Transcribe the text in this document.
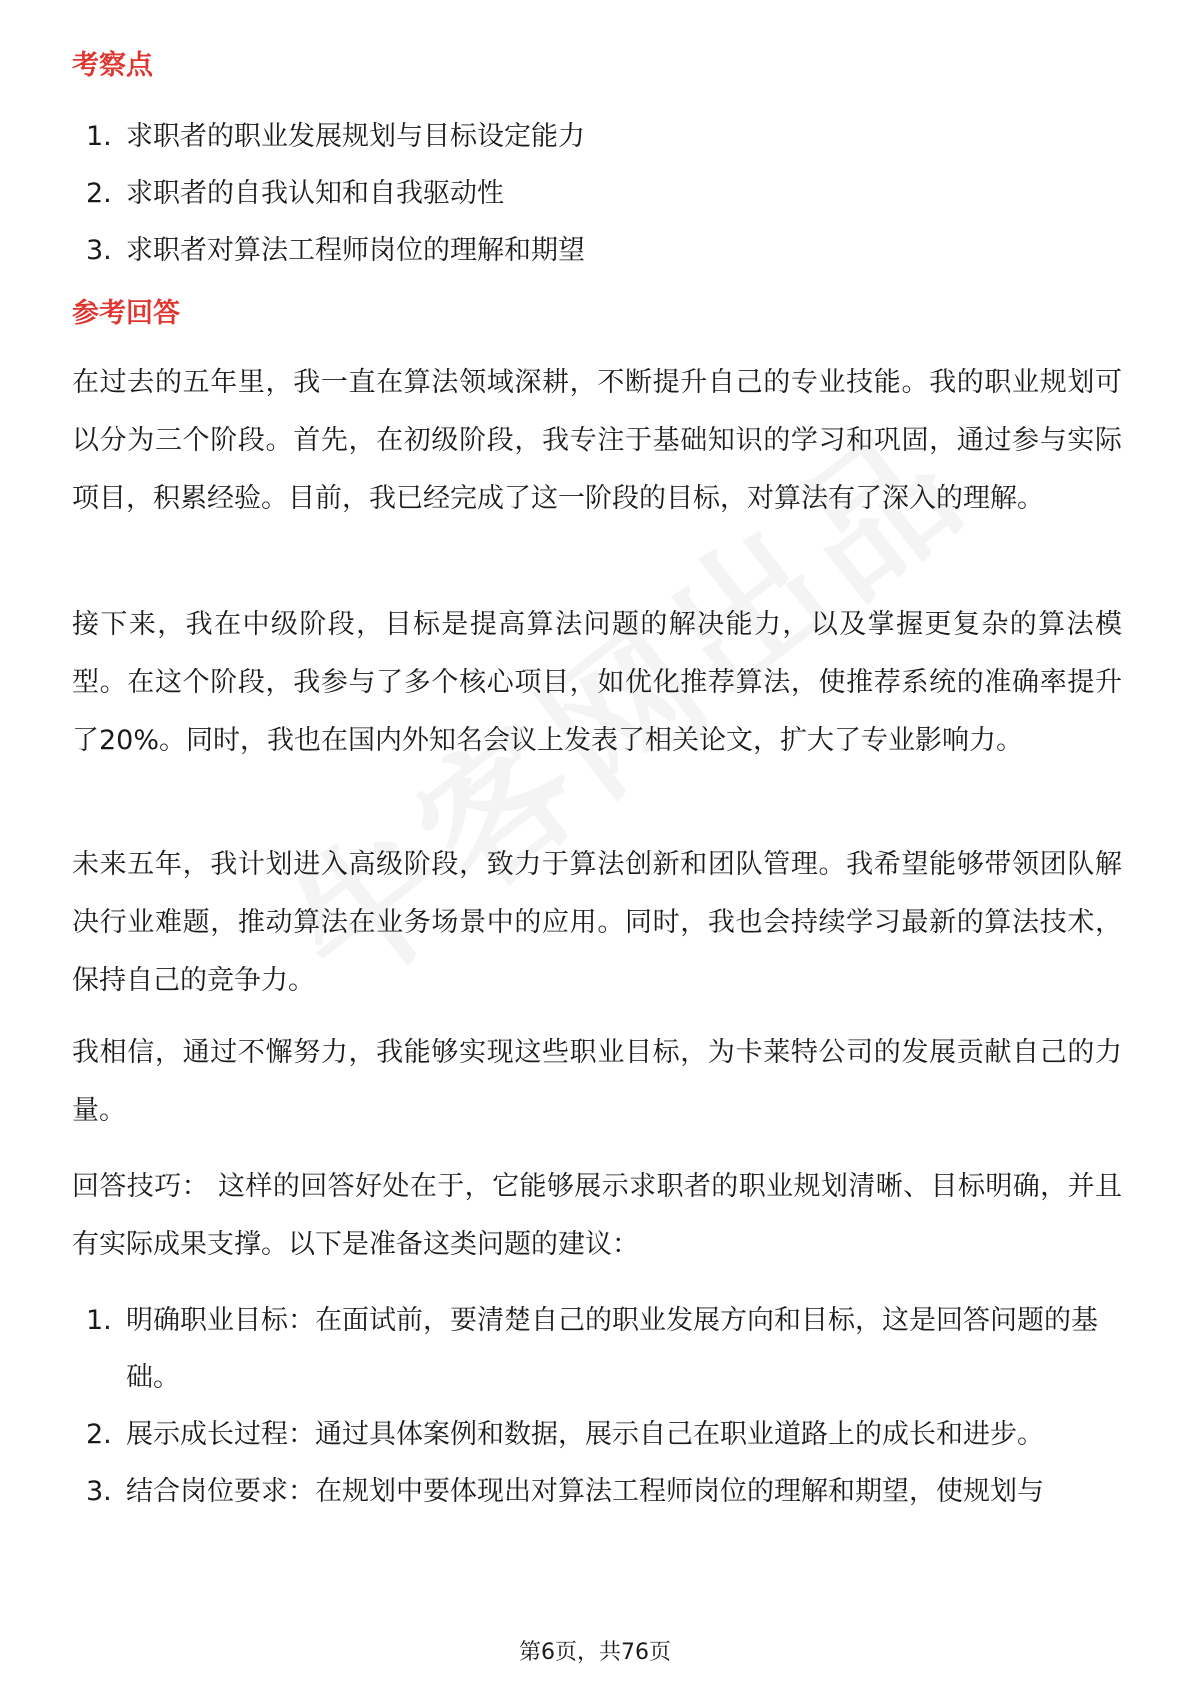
考察点
1. 求职者的职业发展规划与目标设定能力
2. 求职者的自我认知和自我驱动性
3. 求职者对算法工程师岗位的理解和期望
参考回答
在过去的五年里，我一直在算法领域深耕，不断提升自己的专业技能。我的职业规划可以分为三个阶段。首先，在初级阶段，我专注于基础知识的学习和巩固，通过参与实际项目，积累经验。目前，我已经完成了这一阶段的目标，对算法有了深入的理解。
接下来，我在中级阶段，目标是提高算法问题的解决能力，以及掌握更复杂的算法模型。在这个阶段，我参与了多个核心项目，如优化推荐算法，使推荐系统的准确率提升了20%。同时，我也在国内外知名会议上发表了相关论文，扩大了专业影响力。
未来五年，我计划进入高级阶段，致力于算法创新和团队管理。我希望能够带领团队解决行业难题，推动算法在业务场景中的应用。同时，我也会持续学习最新的算法技术，保持自己的竞争力。
我相信，通过不懈努力，我能够实现这些职业目标，为卡莱特公司的发展贡献自己的力量。
回答技巧： 这样的回答好处在于，它能够展示求职者的职业规划清晰、目标明确，并且有实际成果支撑。以下是准备这类问题的建议：
1. 明确职业目标：在面试前，要清楚自己的职业发展方向和目标，这是回答问题的基础。
2. 展示成长过程：通过具体案例和数据，展示自己在职业道路上的成长和进步。
3. 结合岗位要求：在规划中要体现出对算法工程师岗位的理解和期望，使规划与
第6页，共76页
